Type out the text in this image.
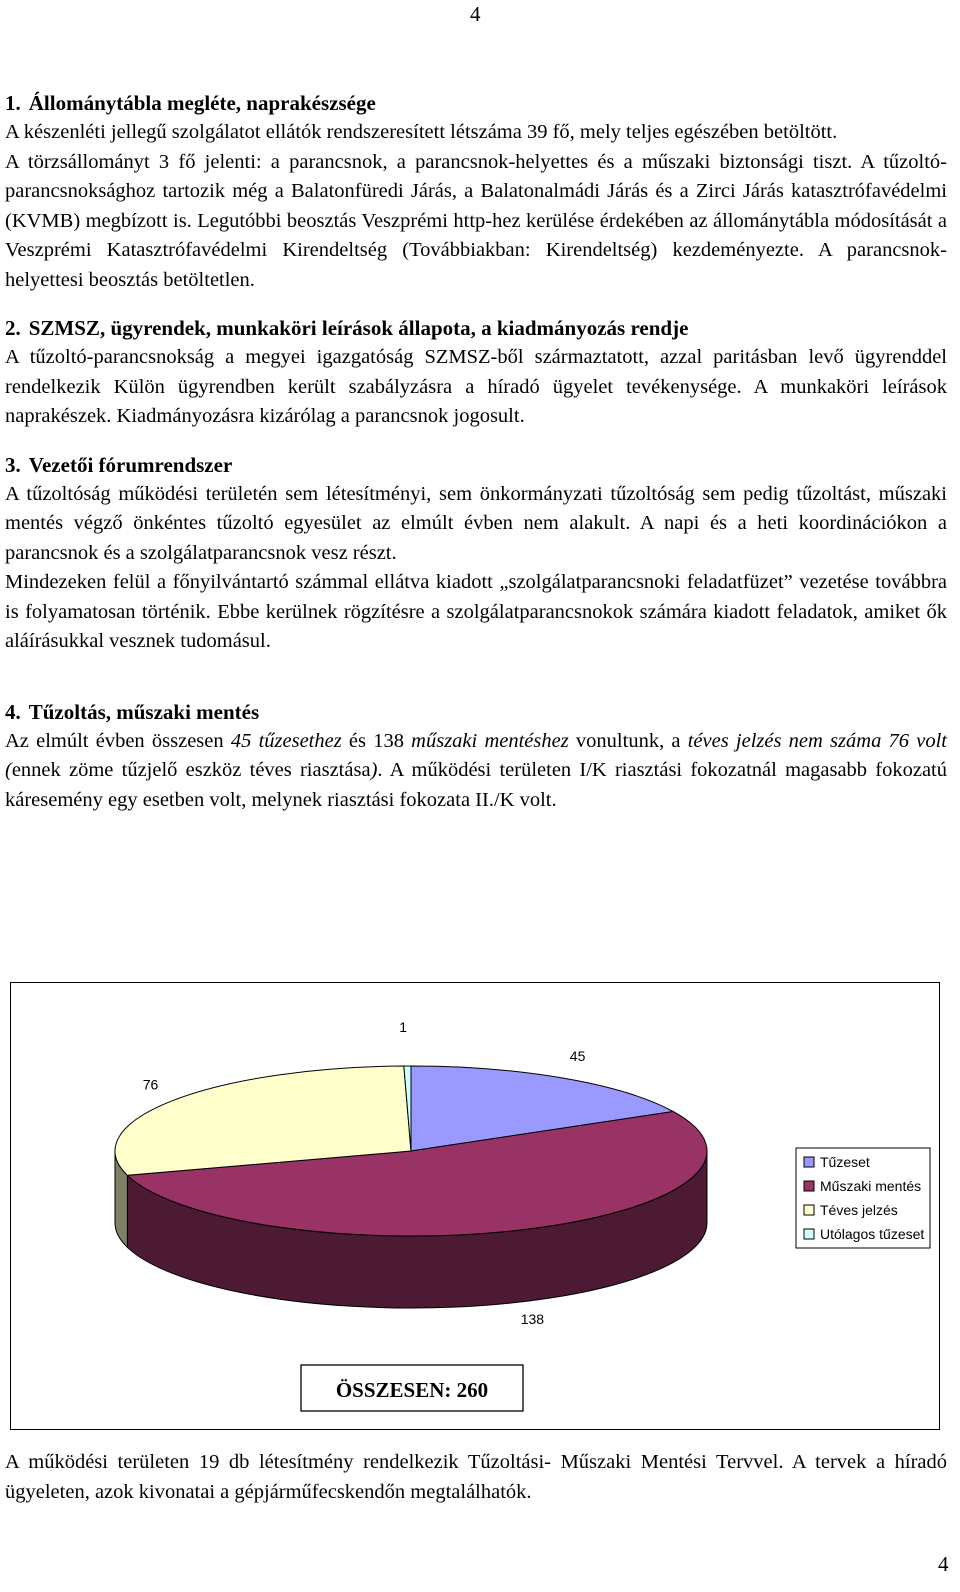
4
1. Állománytábla megléte, naprakészsége

A készenléti jellegű szolgálatot ellátók rendszeresített létszáma 39 fő, mely teljes egészében betöltött.

A törzsállományt 3 fő jelenti: a parancsnok, a parancsnok-helyettes és a műszaki biztonsági tiszt. A tűzoltó-parancsnoksághoz tartozik még a Balatonfüredi Járás, a Balatonalmádi Járás és a Zirci Járás katasztrófavédelmi (KVMB) megbízott is. Legutóbbi beosztás Veszprémi http-hez kerülése érdekében az állománytábla módosítását a Veszprémi Katasztrófavédelmi Kirendeltség (Továbbiakban: Kirendeltség) kezdeményezte. A parancsnok-helyettesi beosztás betöltetlen.

2. SZMSZ, ügyrendek, munkaköri leírások állapota, a kiadmányozás rendje

A tűzoltó-parancsnokság a megyei igazgatóság SZMSZ-ből származtatott, azzal paritásban levő ügyrenddel rendelkezik Külön ügyrendben került szabályzásra a híradó ügyelet tevékenysége. A munkaköri leírások naprakészek. Kiadmányozásra kizárólag a parancsnok jogosult.

3. Vezetői fórumrendszer

A tűzoltóság működési területén sem létesítményi, sem önkormányzati tűzoltóság sem pedig tűzoltást, műszaki mentés végző önkéntes tűzoltó egyesület az elmúlt évben nem alakult. A napi és a heti koordinációkon a parancsnok és a szolgálatparancsnok vesz részt.

Mindezeken felül a főnyilvántartó számmal ellátva kiadott „szolgálatparancsnoki feladatfüzet” vezetése továbbra is folyamatosan történik. Ebbe kerülnek rögzítésre a szolgálatparancsnokok számára kiadott feladatok, amiket ők aláírásukkal vesznek tudomásul.

4. Tűzoltás, műszaki mentés

Az elmúlt évben összesen 45 tűzesethez és 138 műszaki mentéshez vonultunk, a téves jelzés nem száma 76 volt (ennek zöme tűzjelő eszköz téves riasztása). A működési területen I/K riasztási fokozatnál magasabb fokozatú káresemény egy esetben volt, melynek riasztási fokozata II./K volt.

45
138
76
1
Tűzeset
Műszaki mentés
Téves jelzés
Utólagos tűzeset
ÖSSZESEN: 260

A működési területen 19 db létesítmény rendelkezik Tűzoltási- Műszaki Mentési Tervvel. A tervek a híradó ügyeleten, azok kivonatai a gépjárműfecskendőn megtalálhatók.

4
